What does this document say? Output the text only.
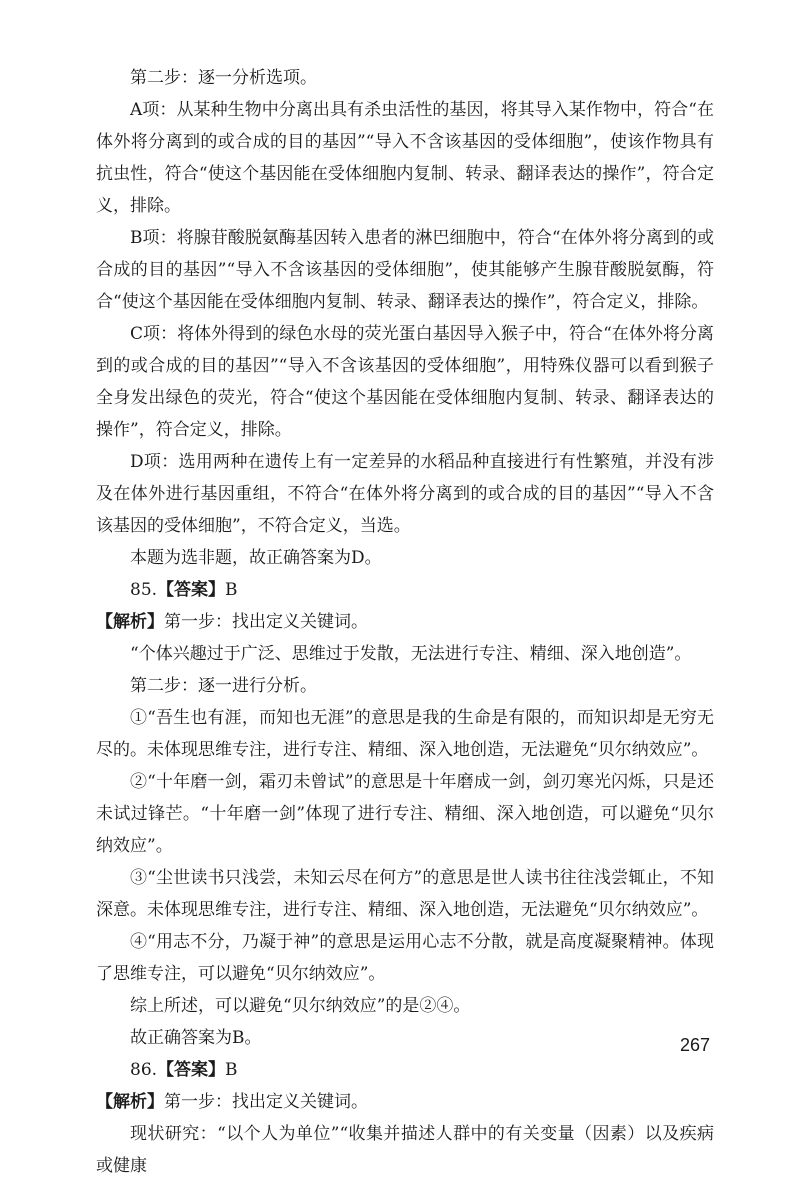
第二步：逐一分析选项。

A项：从某种生物中分离出具有杀虫活性的基因，将其导入某作物中，符合“在体外将分离到的或合成的目的基因”“导入不含该基因的受体细胞”，使该作物具有抗虫性，符合“使这个基因能在受体细胞内复制、转录、翻译表达的操作”，符合定义，排除。

B项：将腺苷酸脱氨酶基因转入患者的淋巴细胞中，符合“在体外将分离到的或合成的目的基因”“导入不含该基因的受体细胞”，使其能够产生腺苷酸脱氨酶，符合“使这个基因能在受体细胞内复制、转录、翻译表达的操作”，符合定义，排除。

C项：将体外得到的绿色水母的荧光蛋白基因导入猴子中，符合“在体外将分离到的或合成的目的基因”“导入不含该基因的受体细胞”，用特殊仪器可以看到猴子全身发出绿色的荧光，符合“使这个基因能在受体细胞内复制、转录、翻译表达的操作”，符合定义，排除。

D项：选用两种在遗传上有一定差异的水稻品种直接进行有性繁殖，并没有涉及在体外进行基因重组，不符合“在体外将分离到的或合成的目的基因”“导入不含该基因的受体细胞”，不符合定义，当选。

本题为选非题，故正确答案为D。

85.【答案】B

【解析】第一步：找出定义关键词。

“个体兴趣过于广泛、思维过于发散，无法进行专注、精细、深入地创造”。

第二步：逐一进行分析。

①“吾生也有涯，而知也无涯”的意思是我的生命是有限的，而知识却是无穷无尽的。未体现思维专注，进行专注、精细、深入地创造，无法避免“贝尔纳效应”。

②“十年磨一剑，霜刃未曾试”的意思是十年磨成一剑，剑刃寒光闪烁，只是还未试过锋芒。“十年磨一剑”体现了进行专注、精细、深入地创造，可以避免“贝尔纳效应”。

③“尘世读书只浅尝，未知云尽在何方”的意思是世人读书往往浅尝辄止，不知深意。未体现思维专注，进行专注、精细、深入地创造，无法避免“贝尔纳效应”。

④“用志不分，乃凝于神”的意思是运用心志不分散，就是高度凝聚精神。体现了思维专注，可以避免“贝尔纳效应”。

综上所述，可以避免“贝尔纳效应”的是②④。

故正确答案为B。

86.【答案】B

【解析】第一步：找出定义关键词。

现状研究：“以个人为单位”“收集并描述人群中的有关变量（因素）以及疾病或健康

267
